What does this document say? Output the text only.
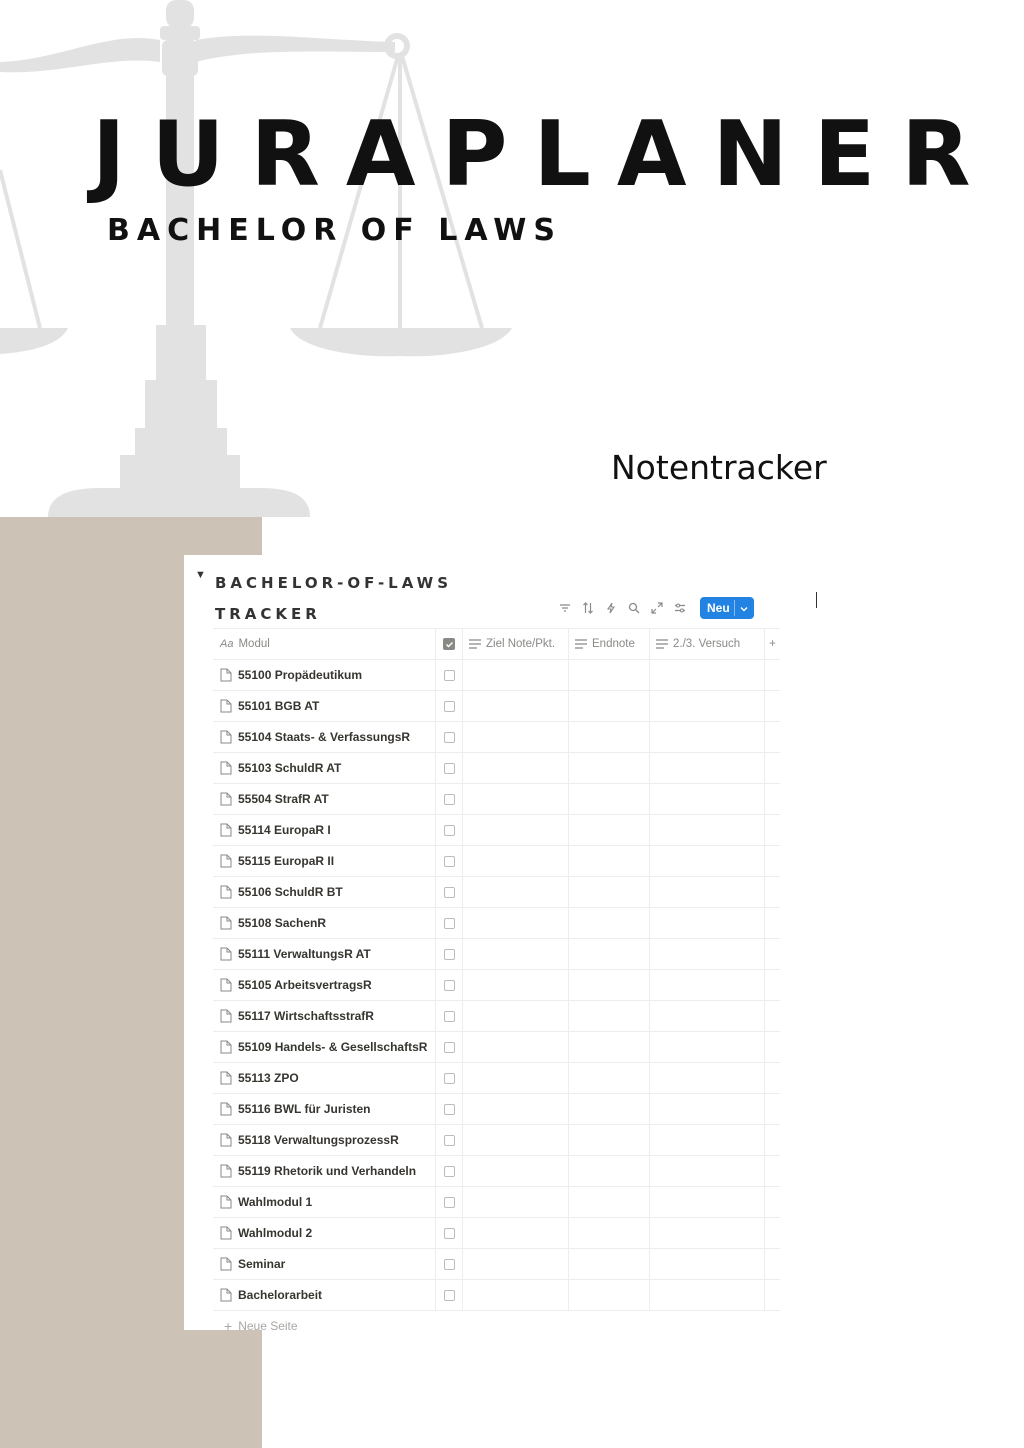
JURAPLANER
BACHELOR OF LAWS
Notentracker
▼ BACHELOR-OF-LAWS TRACKER	Neu
Aa Modul	Ziel Note/Pkt.	Endnote	2./3. Versuch	+
55100 Propädeutikum
55101 BGB AT
55104 Staats- & VerfassungsR
55103 SchuldR AT
55504 StrafR AT
55114 EuropaR I
55115 EuropaR II
55106 SchuldR BT
55108 SachenR
55111 VerwaltungsR AT
55105 ArbeitsvertragsR
55117 WirtschaftsstrafR
55109 Handels- & GesellschaftsR
55113 ZPO
55116 BWL für Juristen
55118 VerwaltungsprozessR
55119 Rhetorik und Verhandeln
Wahlmodul 1
Wahlmodul 2
Seminar
Bachelorarbeit
+ Neue Seite
